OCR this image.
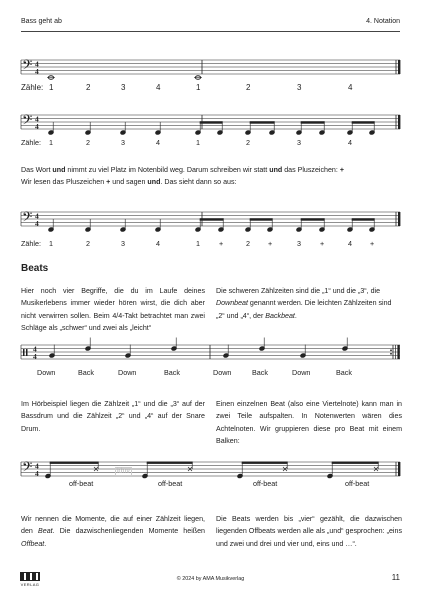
Bass geht ab	4. Notation
𝄢 4
4
Zähle: 1	2	3	4	1	2	3	4
𝄢 4
4
Zähle: 1	2	3	4	1	2	3	4
Das Wort und nimmt zu viel Platz im Notenbild weg. Darum schreiben wir statt und das Pluszeichen: +
Wir lesen das Pluszeichen + und sagen und. Das sieht dann so aus:
𝄢 4
4
Zähle: 1	2	3	4	1	+	2	+	3	+	4	+
Beats
Hier noch vier Begriffe, die du im Laufe deines Musikerlebens immer wieder hören wirst, die dich aber nicht verwirren sollen. Beim 4/4-Takt betrachtet man zwei Schläge als „schwer“ und zwei als „leicht“
Die schweren Zählzeiten sind die „1“ und die „3“, die Downbeat genannt werden. Die leichten Zählzeiten sind „2“ und „4“, der Backbeat.
4
4
Down	Back	Down	Back	Down	Back	Down	Back
Im Hörbeispiel liegen die Zählzeit „1“ und die „3“ auf der Bassdrum und die Zählzeit „2“ und „4“ auf der Snare Drum.
Einen einzelnen Beat (also eine Viertelnote) kann man in zwei Teile aufspalten. In Notenwerten wären dies Achtelnoten. Wir gruppieren diese pro Beat mit einem Balken:
𝄢 4
4
off-beat	off-beat	off-beat	off-beat
idnv
Wir nennen die Momente, die auf einer Zählzeit liegen, den Beat. Die dazwischenliegenden Momente heißen Offbeat.
Die Beats werden bis „vier“ gezählt, die dazwischen liegenden Offbeats werden alle als „und“ gesprochen: „eins und zwei und drei und vier und, eins und …“.
VERLAG
© 2024 by AMA Musikverlag	11
